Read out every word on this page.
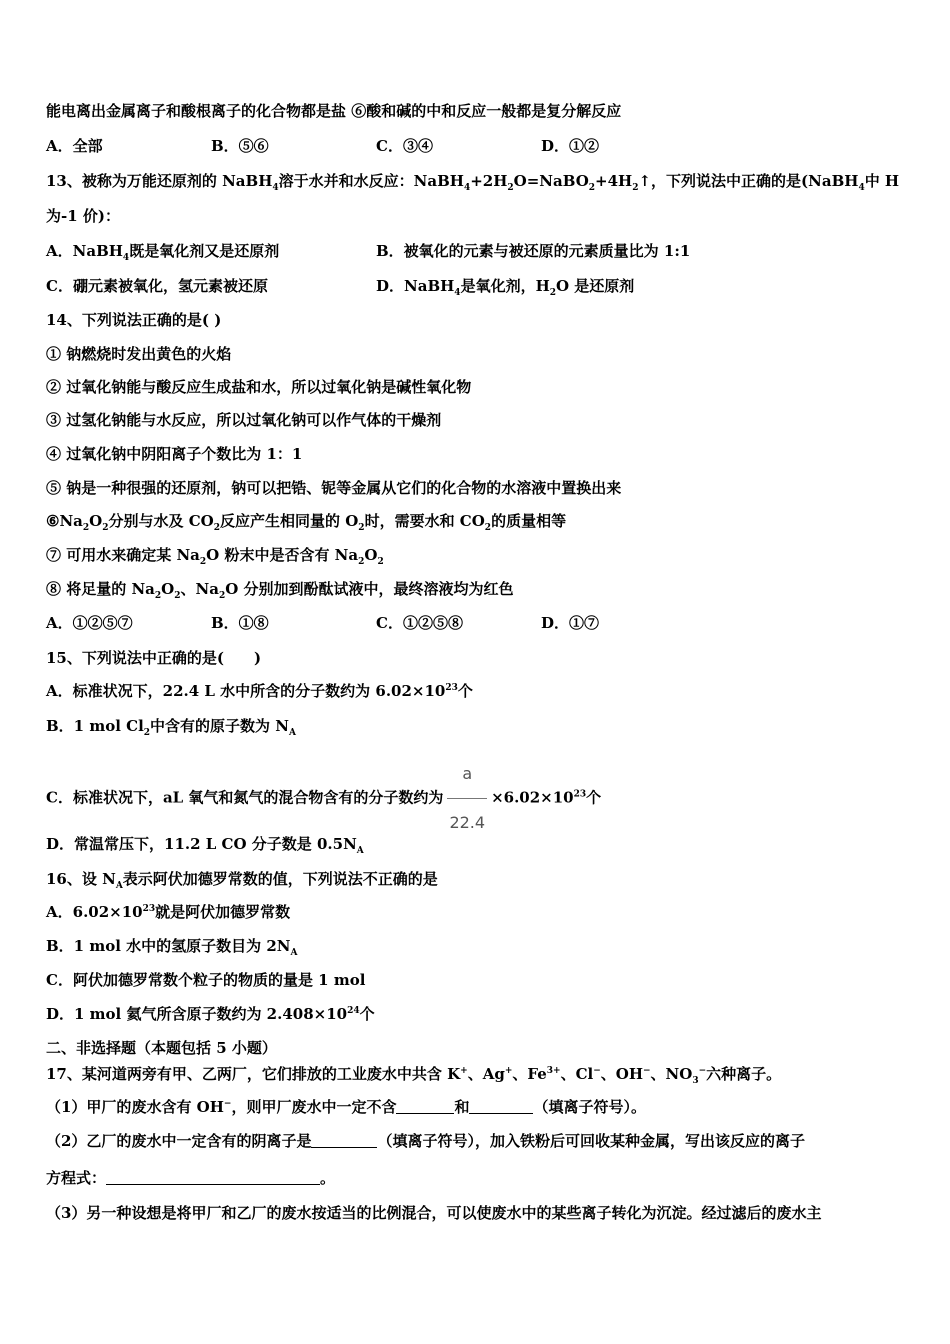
能电离出金属离子和酸根离子的化合物都是盐 ⑥酸和碱的中和反应一般都是复分解反应
A．全部	B．⑤⑥	C．③④	D．①②
13、被称为万能还原剂的 NaBH$_4$溶于水并和水反应：$NaBH_4+2H_2O=NaBO_2+4H_2↑$，下列说法中正确的是(NaBH$_4$中 H
为-1 价)：
A．NaBH$_4$既是氧化剂又是还原剂	B．被氧化的元素与被还原的元素质量比为 1:1
C．硼元素被氧化，氢元素被还原	D．NaBH$_4$是氧化剂，$H_2O$ 是还原剂
14、下列说法正确的是( )
① 钠燃烧时发出黄色的火焰
② 过氧化钠能与酸反应生成盐和水，所以过氧化钠是碱性氧化物
③ 过氢化钠能与水反应，所以过氧化钠可以作气体的干燥剂
④ 过氧化钠中阴阳离子个数比为 1：1
⑤ 钠是一种很强的还原剂，钠可以把锆、铌等金属从它们的化合物的水溶液中置换出来
$⑥Na_2O_2$分别与水及 $CO_2$反应产生相同量的 $O_2$时，需要水和 $CO_2$的质量相等
⑦ 可用水来确定某 $Na_2O$ 粉末中是否含有 $Na_2O_2$
⑧ 将足量的 $Na_2O_2$、$Na_2O$ 分别加到酚酞试液中，最终溶液均为红色
A．①②⑤⑦	B．①⑧	C．①②⑤⑧	D．①⑦
15、下列说法中正确的是(　　)
A．标准状况下，22.4 L 水中所含的分子数约为 $6.02\times 10^{23}$个
B．1 mol $Cl_2$中含有的原子数为 $N_A$
C．标准状况下，aL 氧气和氮气的混合物含有的分子数约为 $\frac{a}{22.4} \times 6.02\times 10^{23}$个
D．常温常压下，11.2 L CO 分子数是 $0.5N_A$
16、设 $N_A$表示阿伏加德罗常数的值，下列说法不正确的是
A．$6.02\times 10^{23}$就是阿伏加德罗常数
B．1 mol 水中的氢原子数目为 $2N_A$
C．阿伏加德罗常数个粒子的物质的量是 1 mol
D．1 mol 氦气所含原子数约为 $2.408\times 10^{24}$个
二、非选择题（本题包括 5 小题）
17、某河道两旁有甲、乙两厂，它们排放的工业废水中共含 K+、Ag+、$Fe^{3+}$、Cl−、OH−、$NO_3^-$六种离子。
（1）甲厂的废水含有 OH−，则甲厂废水中一定不含	和	（填离子符号）。
（2）乙厂的废水中一定含有的阴离子是	（填离子符号），加入铁粉后可回收某种金属，写出该反应的离子
方程式：	。
（3）另一种设想是将甲厂和乙厂的废水按适当的比例混合，可以使废水中的某些离子转化为沉淀。经过滤后的废水主
